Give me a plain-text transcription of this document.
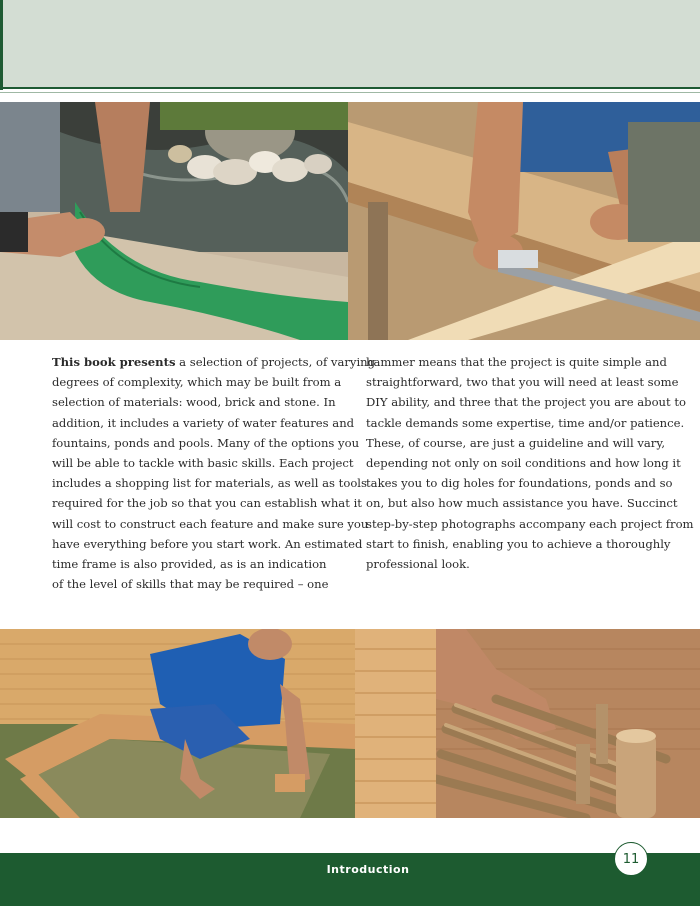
This book presents a selection of projects, of varying

degrees of complexity, which may be built from a

selection of materials: wood, brick and stone. In

addition, it includes a variety of water features and

fountains, ponds and pools. Many of the options you

will be able to tackle with basic skills. Each project

includes a shopping list for materials, as well as tools

required for the job so that you can establish what it

will cost to construct each feature and make sure you

have everything before you start work. An estimated

time frame is also provided, as is an indication

of the level of skills that may be required – one

hammer means that the project is quite simple and

straightforward, two that you will need at least some

DIY ability, and three that the project you are about to

tackle demands some expertise, time and/or patience.

These, of course, are just a guideline and will vary,

depending not only on soil conditions and how long it

takes you to dig holes for foundations, ponds and so

on, but also how much assistance you have. Succinct

step-by-step photographs accompany each project from

start to finish, enabling you to achieve a thoroughly

professional look.

Introduction
11
